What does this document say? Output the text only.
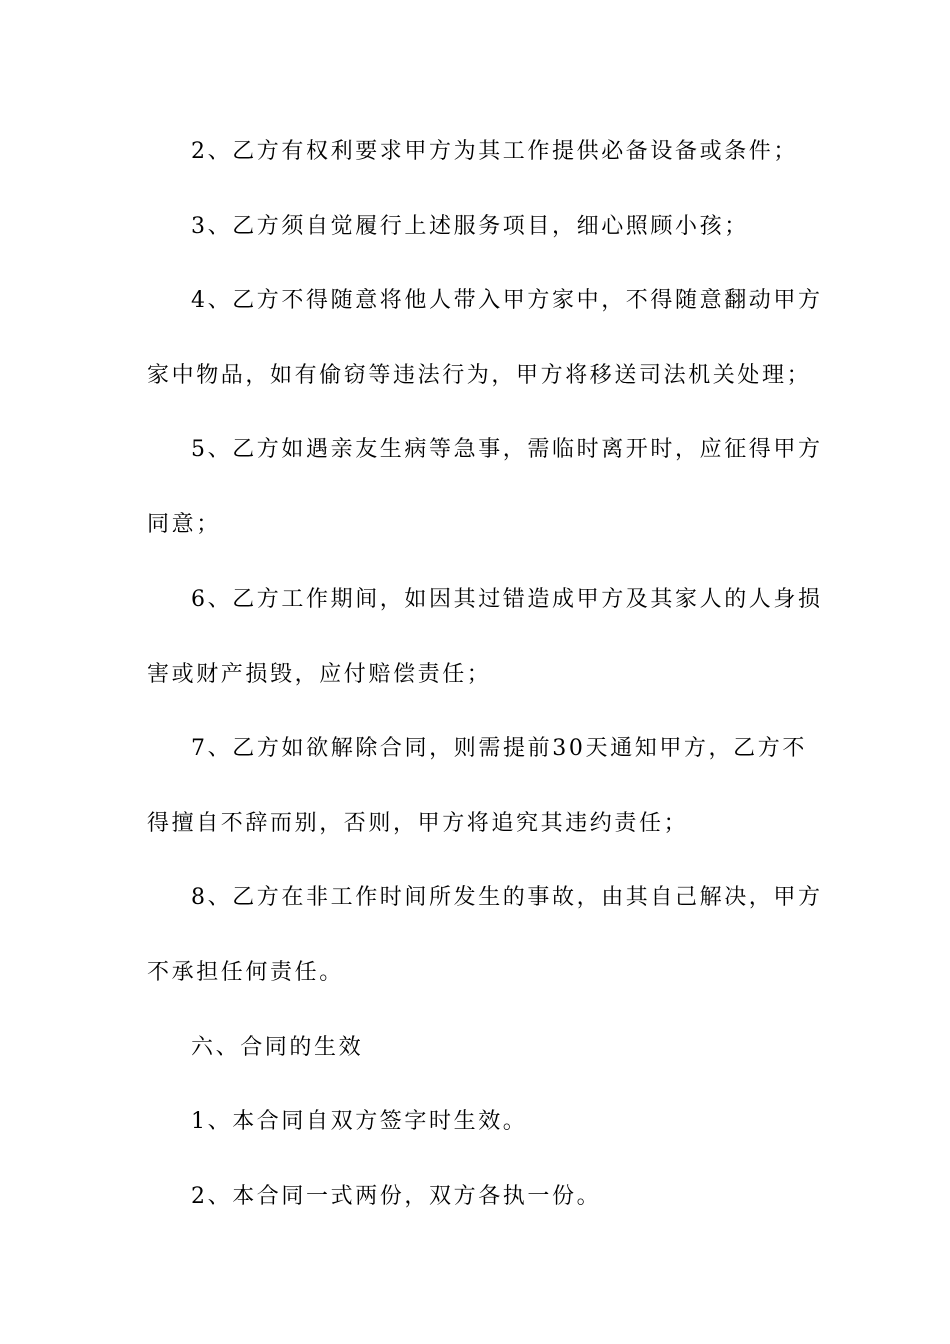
2、乙方有权利要求甲方为其工作提供必备设备或条件；
3、乙方须自觉履行上述服务项目，细心照顾小孩；
4、乙方不得随意将他人带入甲方家中，不得随意翻动甲方
家中物品，如有偷窃等违法行为，甲方将移送司法机关处理；
5、乙方如遇亲友生病等急事，需临时离开时，应征得甲方
同意；
6、乙方工作期间，如因其过错造成甲方及其家人的人身损
害或财产损毁，应付赔偿责任；
7、乙方如欲解除合同，则需提前30天通知甲方，乙方不
得擅自不辞而别，否则，甲方将追究其违约责任；
8、乙方在非工作时间所发生的事故，由其自己解决，甲方
不承担任何责任。
六、合同的生效
1、本合同自双方签字时生效。
2、本合同一式两份，双方各执一份。
